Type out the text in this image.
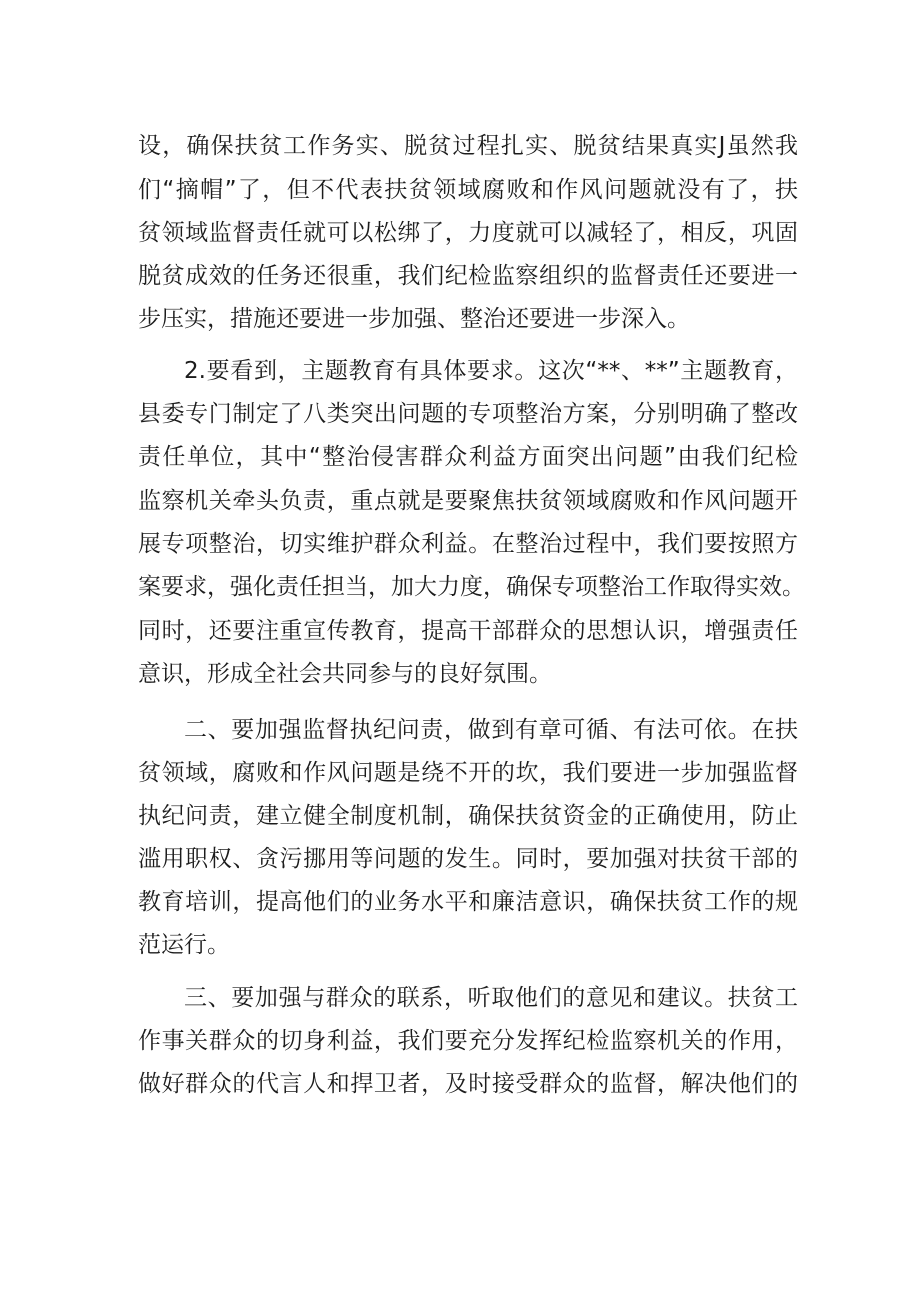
设，确保扶贫工作务实、脱贫过程扎实、脱贫结果真实J虽然我
们“摘帽”了，但不代表扶贫领域腐败和作风问题就没有了，扶
贫领域监督责任就可以松绑了，力度就可以减轻了，相反，巩固
脱贫成效的任务还很重，我们纪检监察组织的监督责任还要进一
步压实，措施还要进一步加强、整治还要进一步深入。
2.要看到，主题教育有具体要求。这次“**、**”主题教育，
县委专门制定了八类突出问题的专项整治方案，分别明确了整改
责任单位，其中“整治侵害群众利益方面突出问题”由我们纪检
监察机关牵头负责，重点就是要聚焦扶贫领域腐败和作风问题开
展专项整治，切实维护群众利益。在整治过程中，我们要按照方
案要求，强化责任担当，加大力度，确保专项整治工作取得实效。
同时，还要注重宣传教育，提高干部群众的思想认识，增强责任
意识，形成全社会共同参与的良好氛围。
二、要加强监督执纪问责，做到有章可循、有法可依。在扶
贫领域，腐败和作风问题是绕不开的坎，我们要进一步加强监督
执纪问责，建立健全制度机制，确保扶贫资金的正确使用，防止
滥用职权、贪污挪用等问题的发生。同时，要加强对扶贫干部的
教育培训，提高他们的业务水平和廉洁意识，确保扶贫工作的规
范运行。
三、要加强与群众的联系，听取他们的意见和建议。扶贫工
作事关群众的切身利益，我们要充分发挥纪检监察机关的作用，
做好群众的代言人和捍卫者，及时接受群众的监督，解决他们的
